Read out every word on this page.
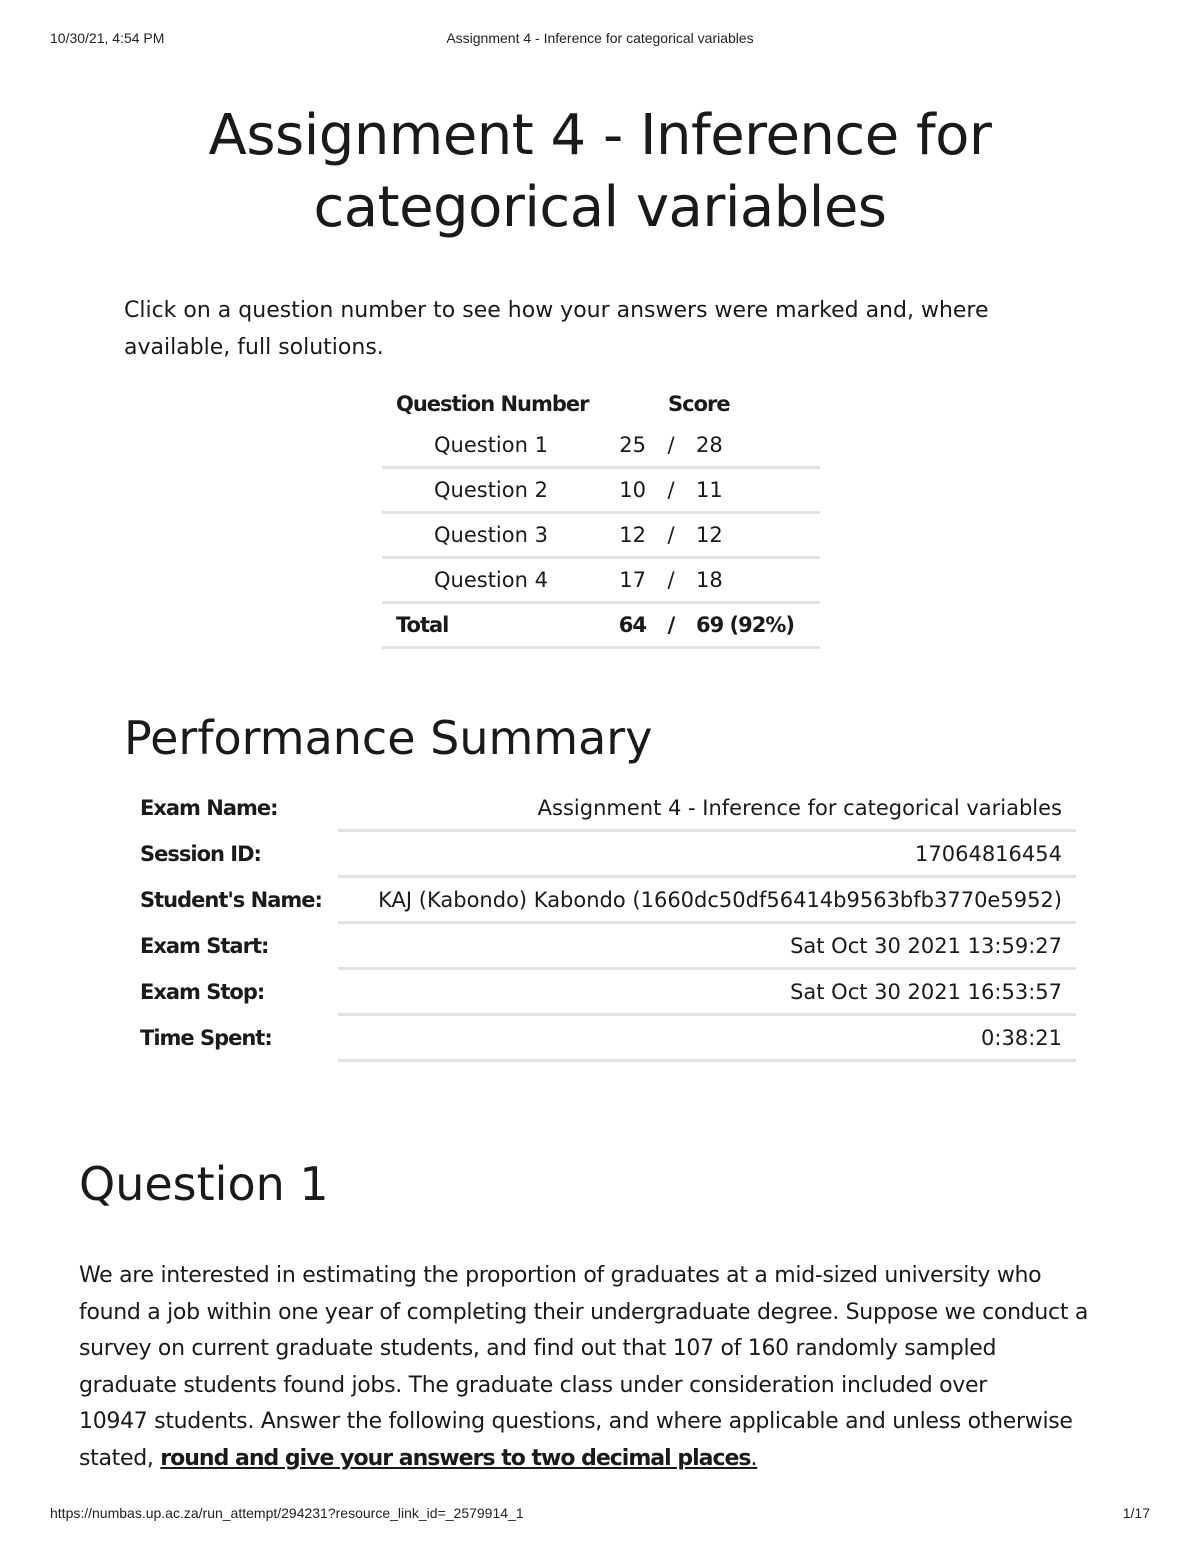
10/30/21, 4:54 PM	Assignment 4 - Inference for categorical variables
Assignment 4 - Inference for categorical variables

Click on a question number to see how your answers were marked and, where available, full solutions.

Question Number	Score		
Question 1	25	/	28
Question 2	10	/	11
Question 3	12	/	12
Question 4	17	/	18
Total	64	/	69 (92%)
Performance Summary
Exam Name:	Assignment 4 - Inference for categorical variables
Session ID:	17064816454
Student's Name:	KAJ (Kabondo) Kabondo (1660dc50df56414b9563bfb3770e5952)
Exam Start:	Sat Oct 30 2021 13:59:27
Exam Stop:	Sat Oct 30 2021 16:53:57
Time Spent:	0:38:21
Question 1

We are interested in estimating the proportion of graduates at a mid-sized university who
found a job within one year of completing their undergraduate degree. Suppose we conduct a
survey on current graduate students, and find out that 107 of 160 randomly sampled
graduate students found jobs. The graduate class under consideration included over
10947 students. Answer the following questions, and where applicable and unless otherwise
stated, round and give your answers to two decimal places.

https://numbas.up.ac.za/run_attempt/294231?resource_link_id=_2579914_1	1/17
